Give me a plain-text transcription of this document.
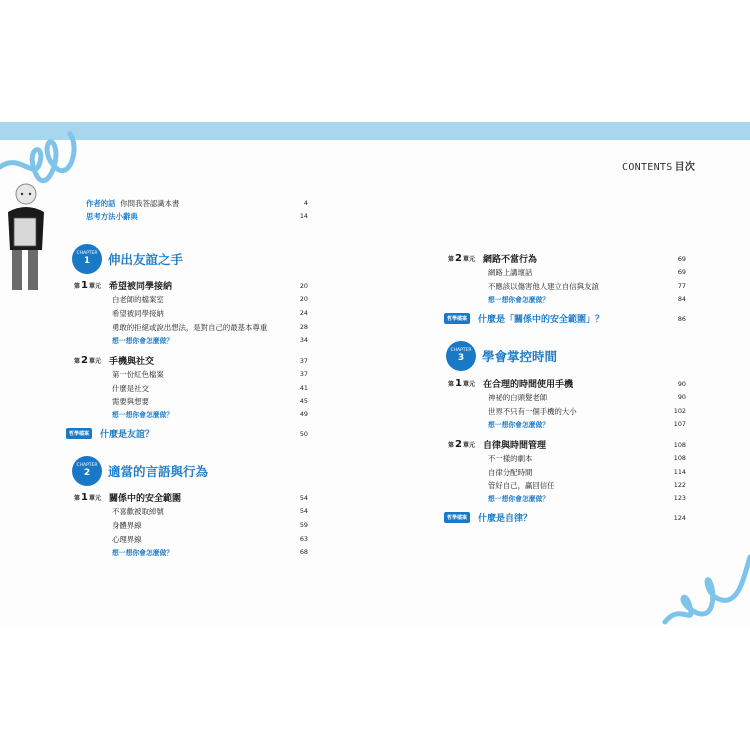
CONTENTS 目次
作者的話 你問我答認識本書	4
思考方法小辭典	14
CHAPTER
1	伸出友誼之手
第1單元 希望被同學接納	20
白老師的檔案室	20
希望被同學接納	24
勇敢的拒絕或說出想法，是對自己的最基本尊重	28
想一想你會怎麼做？	34
第2單元 手機與社交	37
第一份紅色檔案	37
什麼是社交	41
需要與想要	45
想一想你會怎麼做？	49
哲學檔案	什麼是友誼？	50
CHAPTER
2	適當的言語與行為
第1單元 關係中的安全範圍	54
不喜歡被取綽號	54
身體界線	59
心理界線	63
想一想你會怎麼做？	68
第2單元 網路不當行為	69
網路上講壞話	69
不應該以傷害他人建立自信與友誼	77
想一想你會怎麼做？	84
哲學檔案	什麼是「關係中的安全範圍」？	86
CHAPTER
3	學會掌控時間
第1單元 在合理的時間使用手機	90
神祕的白頭髮老師	90
世界不只有一個手機的大小	102
想一想你會怎麼做？	107
第2單元 自律與時間管理	108
不一樣的劇本	108
自律分配時間	114
管好自己，贏回信任	122
想一想你會怎麼做？	123
哲學檔案	什麼是自律？	124
